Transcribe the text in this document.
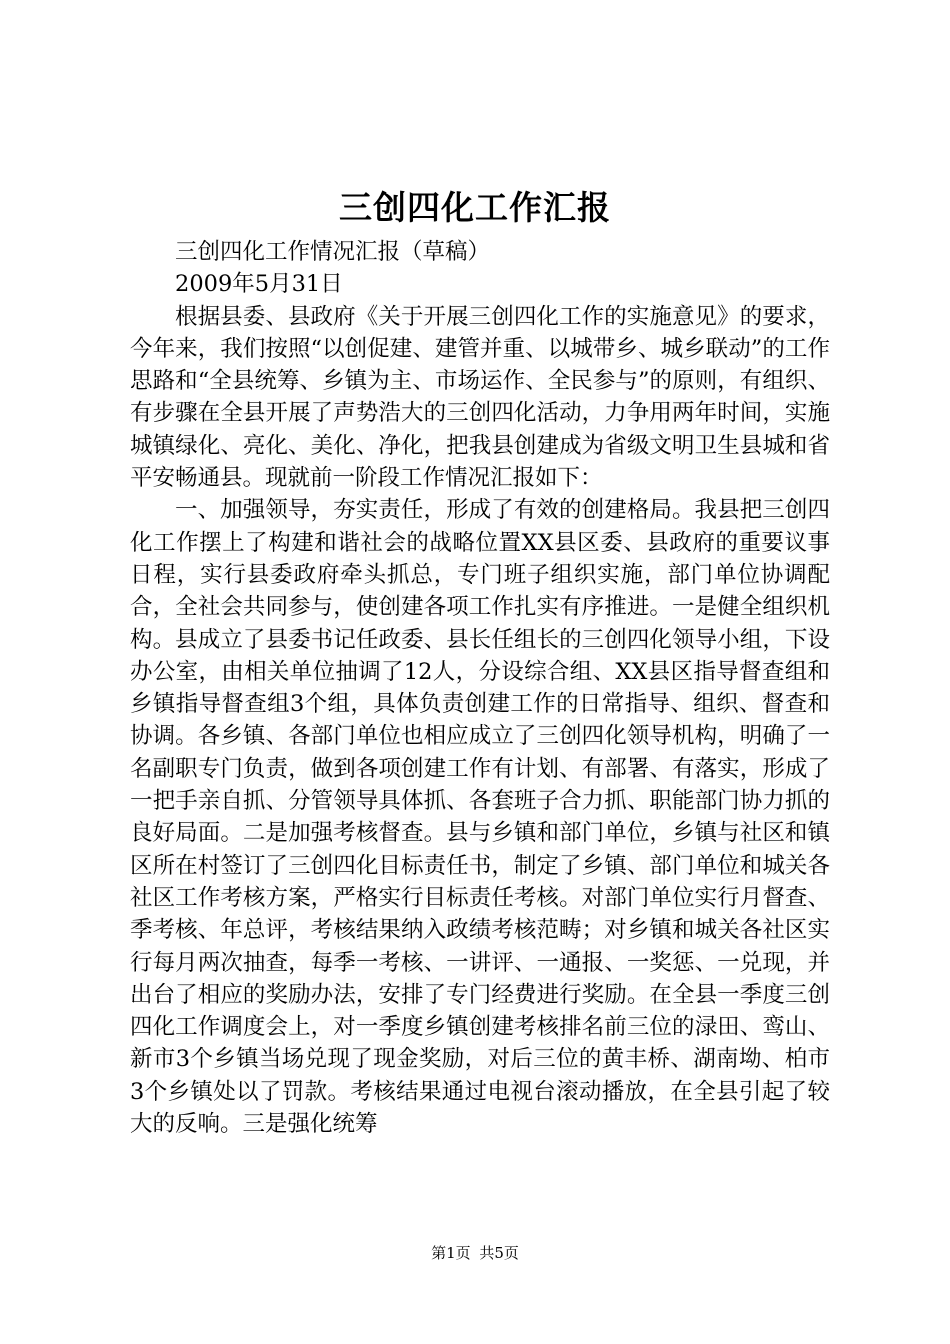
三创四化工作汇报

三创四化工作情况汇报（草稿）

2009年5月31日

根据县委、县政府《关于开展三创四化工作的实施意见》的要求，今年来，我们按照“以创促建、建管并重、以城带乡、城乡联动”的工作思路和“全县统筹、乡镇为主、市场运作、全民参与”的原则，有组织、有步骤在全县开展了声势浩大的三创四化活动，力争用两年时间，实施城镇绿化、亮化、美化、净化，把我县创建成为省级文明卫生县城和省平安畅通县。现就前一阶段工作情况汇报如下：

一、加强领导，夯实责任，形成了有效的创建格局。我县把三创四化工作摆上了构建和谐社会的战略位置XX县区委、县政府的重要议事日程，实行县委政府牵头抓总，专门班子组织实施，部门单位协调配合，全社会共同参与，使创建各项工作扎实有序推进。一是健全组织机构。县成立了县委书记任政委、县长任组长的三创四化领导小组，下设办公室，由相关单位抽调了12人，分设综合组、XX县区指导督查组和乡镇指导督查组3个组，具体负责创建工作的日常指导、组织、督查和协调。各乡镇、各部门单位也相应成立了三创四化领导机构，明确了一名副职专门负责，做到各项创建工作有计划、有部署、有落实，形成了一把手亲自抓、分管领导具体抓、各套班子合力抓、职能部门协力抓的良好局面。二是加强考核督查。县与乡镇和部门单位，乡镇与社区和镇区所在村签订了三创四化目标责任书，制定了乡镇、部门单位和城关各社区工作考核方案，严格实行目标责任考核。对部门单位实行月督查、季考核、年总评，考核结果纳入政绩考核范畴；对乡镇和城关各社区实行每月两次抽查，每季一考核、一讲评、一通报、一奖惩、一兑现，并出台了相应的奖励办法，安排了专门经费进行奖励。在全县一季度三创四化工作调度会上，对一季度乡镇创建考核排名前三位的渌田、鸾山、新市3个乡镇当场兑现了现金奖励，对后三位的黄丰桥、湖南坳、柏市3个乡镇处以了罚款。考核结果通过电视台滚动播放，在全县引起了较大的反响。三是强化统筹

第1页 共5页
